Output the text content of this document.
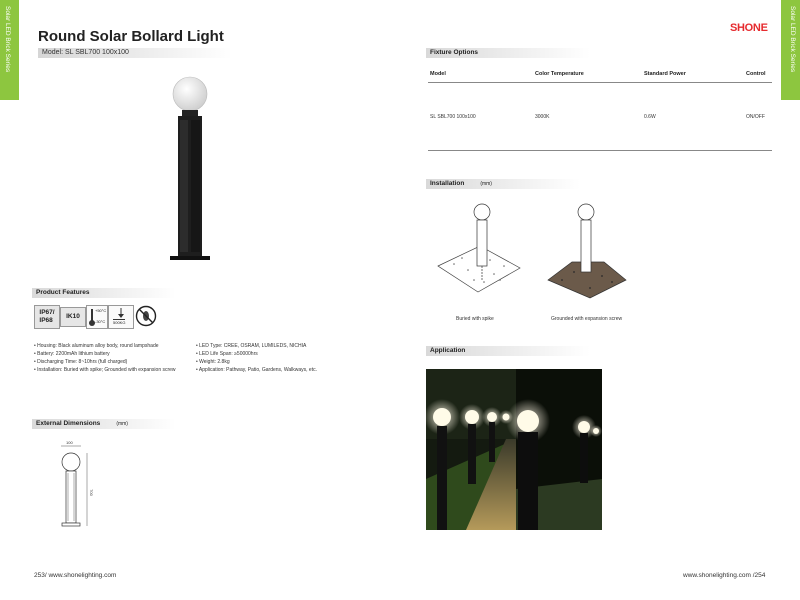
Solar LED Brick Series	Solar LED Brick Series
Round Solar Bollard Light
Model: SL SBL700 100x100
Product Features
IP67/
IP68
IK10
+50°C
-30°C 500KG
• Housing: Black aluminum alloy body, round lampshade
• Battery: 2200mAh lithium battery
• Discharging Time: 8~10hrs (full charged)
• Installation: Buried with spike; Grounded with expansion screw
• LED Type: CREE, OSRAM, LUMILEDS, NICHIA
• LED Life Span: ≥50000hrs
• Weight: 2.8kg
• Application: Pathway, Patio, Gardens, Walkways, etc.
External Dimensions	(mm)
100
700
SHONE
Fixture Options
Model	Color Temperature	Standard Power	Control
SL SBL700 100x100	3000K	0.6W	ON/OFF
Installation	(mm)
Buried with spike	Grounded with expansion screw
Application
253/ www.shonelighting.com	www.shonelighting.com /254
